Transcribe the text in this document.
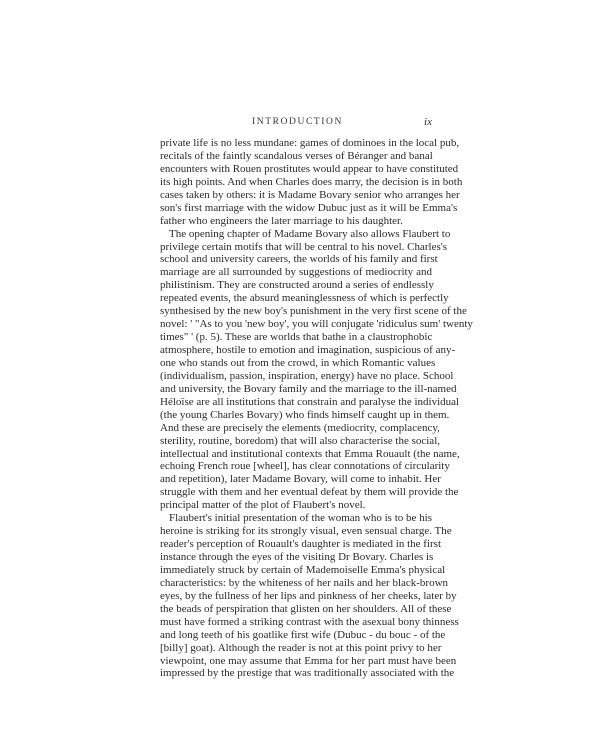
INTRODUCTION	ix
private life is no less mundane: games of dominoes in the local pub,
recitals of the faintly scandalous verses of Béranger and banal
encounters with Rouen prostitutes would appear to have constituted
its high points. And when Charles does marry, the decision is in both
cases taken by others: it is Madame Bovary senior who arranges her
son's first marriage with the widow Dubuc just as it will be Emma's
father who engineers the later marriage to his daughter.
The opening chapter of Madame Bovary also allows Flaubert to
privilege certain motifs that will be central to his novel. Charles's
school and university careers, the worlds of his family and first
marriage are all surrounded by suggestions of mediocrity and
philistinism. They are constructed around a series of endlessly
repeated events, the absurd meaninglessness of which is perfectly
synthesised by the new boy's punishment in the very first scene of the
novel: ' "As to you 'new boy', you will conjugate 'ridiculus sum' twenty
times" ' (p. 5). These are worlds that bathe in a claustrophobic
atmosphere, hostile to emotion and imagination, suspicious of any-
one who stands out from the crowd, in which Romantic values
(individualism, passion, inspiration, energy) have no place. School
and university, the Bovary family and the marriage to the ill-named
Héloïse are all institutions that constrain and paralyse the individual
(the young Charles Bovary) who finds himself caught up in them.
And these are precisely the elements (mediocrity, complacency,
sterility, routine, boredom) that will also characterise the social,
intellectual and institutional contexts that Emma Rouault (the name,
echoing French roue [wheel], has clear connotations of circularity
and repetition), later Madame Bovary, will come to inhabit. Her
struggle with them and her eventual defeat by them will provide the
principal matter of the plot of Flaubert's novel.
Flaubert's initial presentation of the woman who is to be his
heroine is striking for its strongly visual, even sensual charge. The
reader's perception of Rouault's daughter is mediated in the first
instance through the eyes of the visiting Dr Bovary. Charles is
immediately struck by certain of Mademoiselle Emma's physical
characteristics: by the whiteness of her nails and her black-brown
eyes, by the fullness of her lips and pinkness of her cheeks, later by
the beads of perspiration that glisten on her shoulders. All of these
must have formed a striking contrast with the asexual bony thinness
and long teeth of his goatlike first wife (Dubuc - du bouc - of the
[billy] goat). Although the reader is not at this point privy to her
viewpoint, one may assume that Emma for her part must have been
impressed by the prestige that was traditionally associated with the
